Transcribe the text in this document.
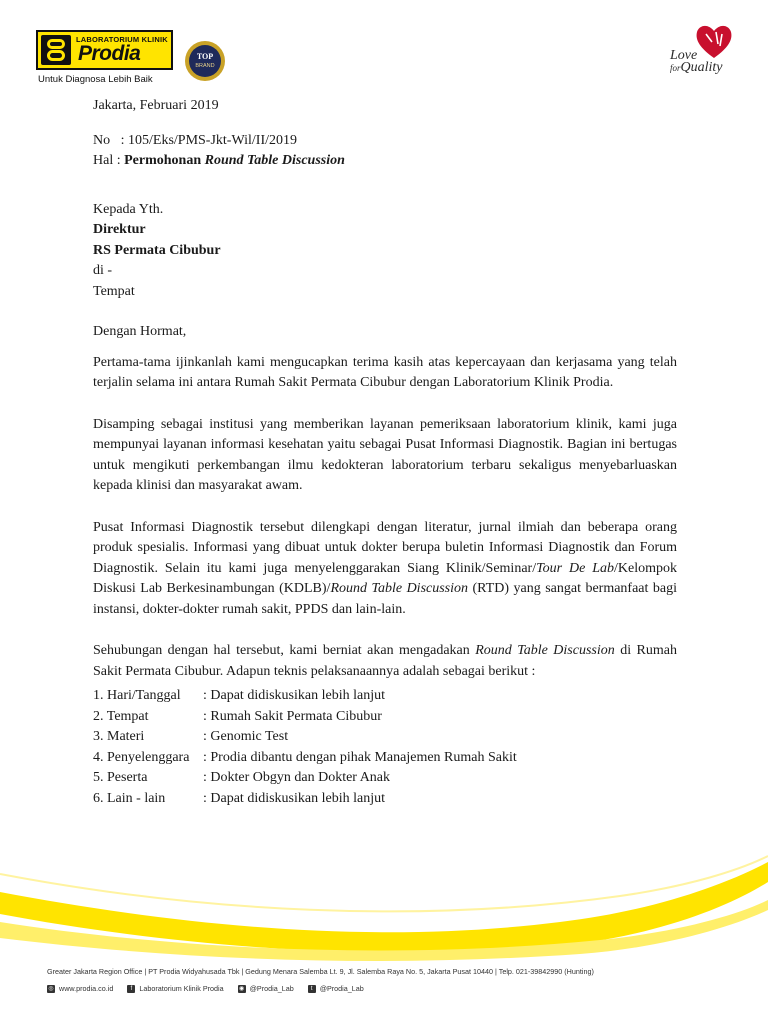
LABORATORIUM KLINIK
Prodia
Untuk Diagnosa Lebih Baik
TOP
BRAND
Love
forQuality
Jakarta, Februari 2019
No   : 105/Eks/PMS-Jkt-Wil/II/2019
Hal : Permohonan Round Table Discussion
Kepada Yth.
Direktur
RS Permata Cibubur
di -
Tempat
Dengan Hormat,
Pertama-tama ijinkanlah kami mengucapkan terima kasih atas kepercayaan dan kerjasama yang telah terjalin selama ini antara Rumah Sakit Permata Cibubur dengan Laboratorium Klinik Prodia.
Disamping sebagai institusi yang memberikan layanan pemeriksaan laboratorium klinik, kami juga mempunyai layanan informasi kesehatan yaitu sebagai Pusat Informasi Diagnostik. Bagian ini bertugas untuk mengikuti perkembangan ilmu kedokteran laboratorium terbaru sekaligus menyebarluaskan kepada klinisi dan masyarakat awam.
Pusat Informasi Diagnostik tersebut dilengkapi dengan literatur, jurnal ilmiah dan beberapa orang produk spesialis. Informasi yang dibuat untuk dokter berupa buletin Informasi Diagnostik dan Forum Diagnostik. Selain itu kami juga menyelenggarakan Siang Klinik/Seminar/Tour De Lab/Kelompok Diskusi Lab Berkesinambungan (KDLB)/Round Table Discussion (RTD) yang sangat bermanfaat bagi instansi, dokter-dokter rumah sakit, PPDS dan lain-lain.
Sehubungan dengan hal tersebut, kami berniat akan mengadakan Round Table Discussion di Rumah Sakit Permata Cibubur. Adapun teknis pelaksanaannya adalah sebagai berikut :
1. Hari/Tanggal	: Dapat didiskusikan lebih lanjut
2. Tempat	: Rumah Sakit Permata Cibubur
3. Materi	: Genomic Test
4. Penyelenggara : Prodia dibantu dengan pihak Manajemen Rumah Sakit
5. Peserta	: Dokter Obgyn dan Dokter Anak
6. Lain - lain	: Dapat didiskusikan lebih lanjut
Greater Jakarta Region Office | PT Prodia Widyahusada Tbk | Gedung Menara Salemba Lt. 9, Jl. Salemba Raya No. 5, Jakarta Pusat 10440 | Telp. 021-39842990 (Hunting)
◎ www.prodia.co.id	f Laboratorium Klinik Prodia	◉ @Prodia_Lab	t @Prodia_Lab
